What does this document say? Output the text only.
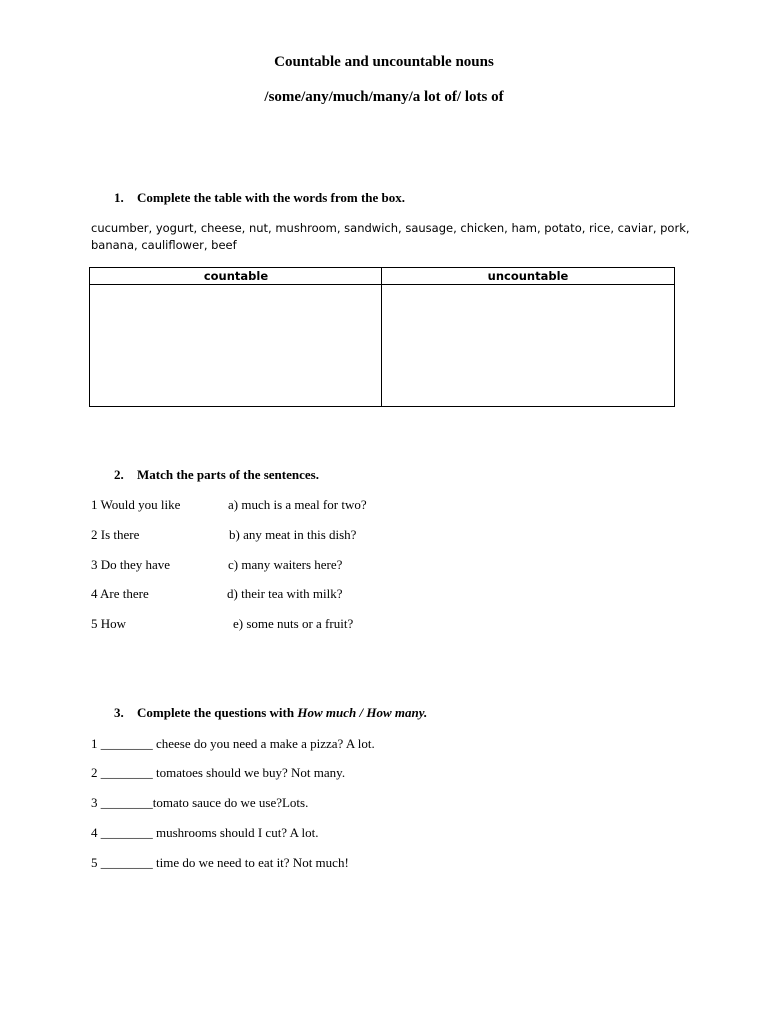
Countable and uncountable nouns
/some/any/much/many/a lot of/ lots of
1. Complete the table with the words from the box.
cucumber, yogurt, cheese, nut, mushroom, sandwich, sausage, chicken, ham, potato, rice, caviar, pork, banana, cauliflower, beef
countable	uncountable
2. Match the parts of the sentences.
1 Would you like	a) much is a meal for two?
2 Is there	b) any meat in this dish?
3 Do they have	c) many waiters here?
4 Are there	d) their tea with milk?
5 How	e) some nuts or a fruit?
3. Complete the questions with How much / How many.
1 ________ cheese do you need a make a pizza? A lot.
2 ________ tomatoes should we buy? Not many.
3 ________tomato sauce do we use?Lots.
4 ________ mushrooms should I cut? A lot.
5 ________ time do we need to eat it? Not much!
